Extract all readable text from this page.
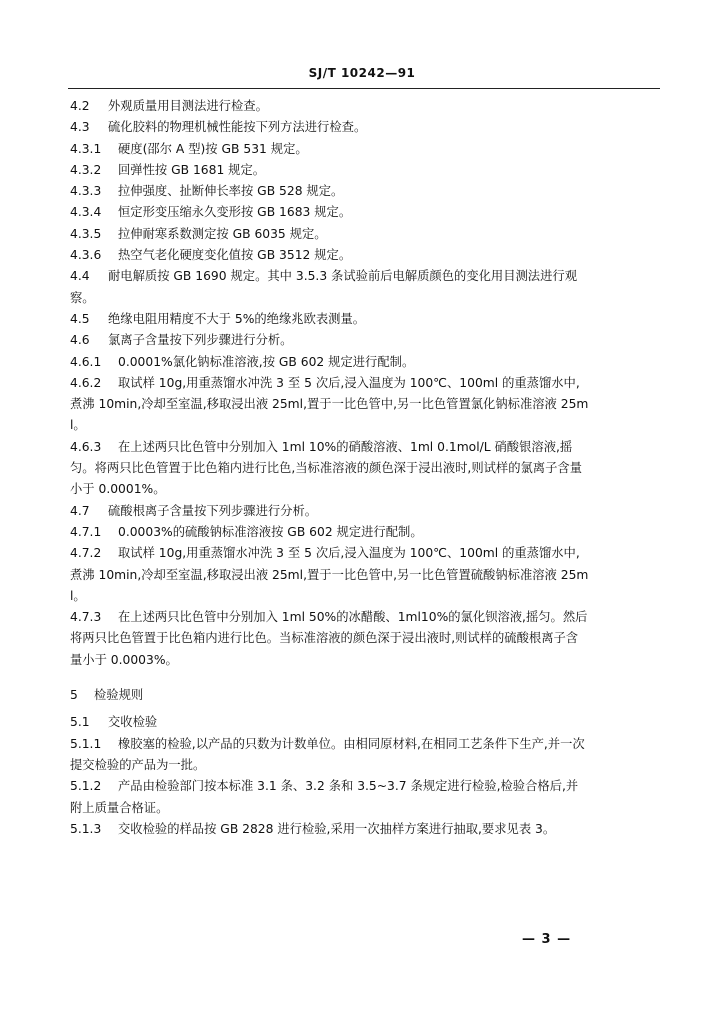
SJ/T 10242—91

4.2 外观质量用目测法进行检查。

4.3 硫化胶料的物理机械性能按下列方法进行检查。

4.3.1 硬度(邵尔 A 型)按 GB 531 规定。

4.3.2 回弹性按 GB 1681 规定。

4.3.3 拉伸强度、扯断伸长率按 GB 528 规定。

4.3.4 恒定形变压缩永久变形按 GB 1683 规定。

4.3.5 拉伸耐寒系数测定按 GB 6035 规定。

4.3.6 热空气老化硬度变化值按 GB 3512 规定。

4.4 耐电解质按 GB 1690 规定。其中 3.5.3 条试验前后电解质颜色的变化用目测法进行观察。

4.5 绝缘电阻用精度不大于 5%的绝缘兆欧表测量。

4.6 氯离子含量按下列步骤进行分析。

4.6.1 0.0001%氯化钠标准溶液,按 GB 602 规定进行配制。

4.6.2 取试样 10g,用重蒸馏水冲洗 3 至 5 次后,浸入温度为 100℃、100ml 的重蒸馏水中,煮沸 10min,冷却至室温,移取浸出液 25ml,置于一比色管中,另一比色管置氯化钠标准溶液 25ml。

4.6.3 在上述两只比色管中分别加入 1ml 10%的硝酸溶液、1ml 0.1mol/L 硝酸银溶液,摇匀。将两只比色管置于比色箱内进行比色,当标准溶液的颜色深于浸出液时,则试样的氯离子含量小于 0.0001%。

4.7 硫酸根离子含量按下列步骤进行分析。

4.7.1 0.0003%的硫酸钠标准溶液按 GB 602 规定进行配制。

4.7.2 取试样 10g,用重蒸馏水冲洗 3 至 5 次后,浸入温度为 100℃、100ml 的重蒸馏水中,煮沸 10min,冷却至室温,移取浸出液 25ml,置于一比色管中,另一比色管置硫酸钠标准溶液 25ml。

4.7.3 在上述两只比色管中分别加入 1ml 50%的冰醋酸、1ml10%的氯化钡溶液,摇匀。然后将两只比色管置于比色箱内进行比色。当标准溶液的颜色深于浸出液时,则试样的硫酸根离子含量小于 0.0003%。

5 检验规则

5.1 交收检验

5.1.1 橡胶塞的检验,以产品的只数为计数单位。由相同原材料,在相同工艺条件下生产,并一次提交检验的产品为一批。

5.1.2 产品由检验部门按本标准 3.1 条、3.2 条和 3.5~3.7 条规定进行检验,检验合格后,并附上质量合格证。

5.1.3 交收检验的样品按 GB 2828 进行检验,采用一次抽样方案进行抽取,要求见表 3。

— 3 —
